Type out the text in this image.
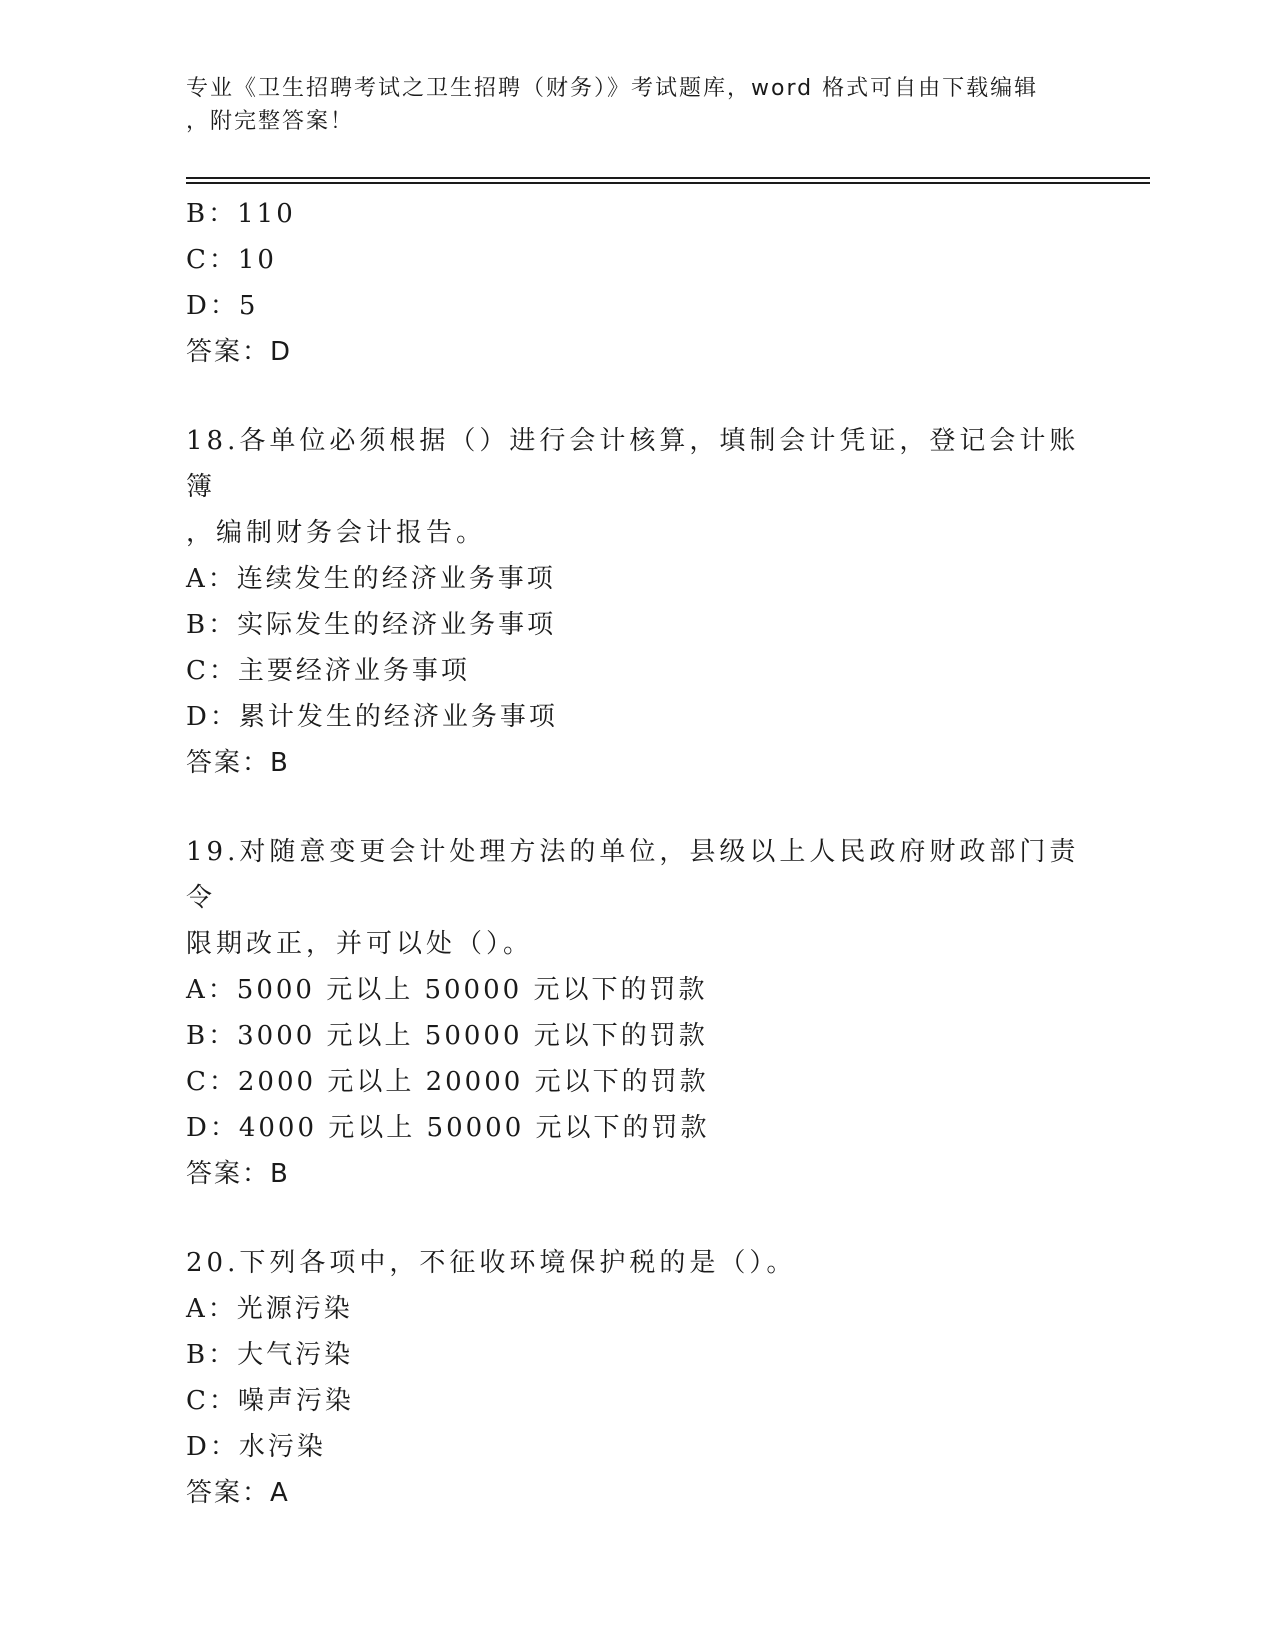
专业《卫生招聘考试之卫生招聘（财务）》考试题库，word 格式可自由下载编辑
，附完整答案！
B：110
C：10
D：5
答案：D
18.各单位必须根据（）进行会计核算，填制会计凭证，登记会计账簿
，编制财务会计报告。
A：连续发生的经济业务事项
B：实际发生的经济业务事项
C：主要经济业务事项
D：累计发生的经济业务事项
答案：B
19.对随意变更会计处理方法的单位，县级以上人民政府财政部门责令
限期改正，并可以处（）。
A：5000 元以上 50000 元以下的罚款
B：3000 元以上 50000 元以下的罚款
C：2000 元以上 20000 元以下的罚款
D：4000 元以上 50000 元以下的罚款
答案：B
20.下列各项中，不征收环境保护税的是（）。
A：光源污染
B：大气污染
C：噪声污染
D：水污染
答案：A
